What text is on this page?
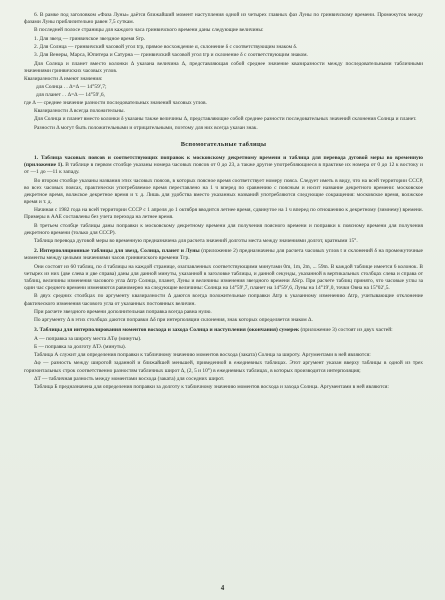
6. В рамке под заголовком «Фаза Луны» даётся ближайший момент наступления одной из четырех главных фаз Луны по гринвичскому времени. Промежуток между фазами Луны приблизительно равен 7,5 суткам.

В последней полосе страницы для каждого часа гринвичского времени даны следующие величины:

1. Для звезд — гринвичское звездное время Sгр.

2. Для Солнца — гринвичский часовой угол tгр, прямое восхождение α, склонение δ с соответствующим знаком δ.

3. Для Венеры, Марса, Юпитера и Сатурна — гринвичский часовой угол tгр и склонение δ с соответствующим знаком.

Для Солнца и планет вместо колонки Δ указана величина Δ, представляющая собой среднее значение квазиразности между последовательными табличными значениями гринвичских часовых углов.

Квазиразности Δ имеют значения:

для Солнца . . Δ=Δ — 14°59′,7;
для планет . . Δ=Δ — 14°59′,6,

где Δ — среднее значение разности последовательных значений часовых углов.

Квазиразности Δ всегда положительны.

Для Солнца и планет вместо колонки δ указаны также величины Δ, представляющие собой среднее разности последовательных значений склонения Солнца и планет.

Разности Δ могут быть положительными и отрицательными, поэтому для них всегда указан знак.

Вспомогательные таблицы

1. Таблица часовых поясов и соответствующих поправок к московскому декретному времени и таблица для перевода дуговой меры во временную (приложение 1). В таблице в первом столбце указаны номера часовых поясов от 0 до 23, а также другие употребляющиеся в практике их номера от 0 до 12 к востоку и от —1 до —11 к западу.

Во втором столбце указаны названия этих часовых поясов, в которых поясное время соответствует номеру пояса. Следует иметь в виду, что на всей территории СССР, во всех часовых поясах, практически употребляемое время переставлено на 1 ч вперед по сравнению с поясным и носит название декретного времени: московское декретное время, волжское декретное время и т. д. Лишь для удобства вместо указанных названий употребляются следующие сокращения: московское время, волжское время и т. д.

Начиная с 1982 года на всей территории СССР с 1 апреля до 1 октября вводится летнее время, сдвинутое на 1 ч вперед по отношению к декретному (зимнему) времени. Примеры в ААЕ составлены без учета перехода на летнее время.

В третьем столбце таблицы даны поправки к московскому декретному времени для получения поясного времени и поправки к поясному времени для получения декретного времени (только для СССР).

Таблица перевода дуговой меры во временную предназначена для расчета значений долготы места между значениями долгот, кратными 15°.

2. Интерполяционные таблицы для звезд, Солнца, планет и Луны (приложение 2) предназначены для расчета часовых углов t и склонений δ на промежуточные моменты между целыми значениями часов гринвичского времени Tгр.

Они состоят из 60 таблиц, по 4 таблицы на каждой странице, озаглавленных соответствующими минутами 0m, 1m, 2m, ... 59m. В каждой таблице имеется 6 колонок. В четырех из них (две слева и две справа) даны для данной минуты, указанной в заголовке таблицы, и данной секунды, указанной в вертикальных столбцах слева и справа от таблиц, величины изменения часового угла Δtгр Солнца, планет, Луны и величины изменения звездного времени ΔSгр. При расчете таблиц принято, что часовые углы за один час среднего времени изменяются равномерно на следующие величины: Солнца на 14°59′,7, планет на 14°59′,6, Луны на 14°19′,0, точки Овна на 15°02′,5.

В двух средних столбцах по аргументу квазиразности Δ даются всегда положительные поправки Δtгр к указанному изменению Δtгр, учитывающие отклонение фактического изменения часового угла от указанных постоянных величин.

При расчете звездного времени дополнительная поправка всегда равна нулю.

По аргументу Δ в этих столбцах даются поправки Δδ при интерполяции склонения, знак которых определяется знаком Δ.

3. Таблицы для интерполирования моментов восхода и захода Солнца и наступления (окончания) сумерек (приложение 3) состоят из двух частей:

А — поправка за широту места ΔTφ (минуты).

Б — поправка за долготу ΔTλ (минуты).

Таблица А служит для определения поправки к табличному значению моментов восхода (заката) Солнца за широту. Аргументами в ней являются:

Δφ — разность между широтой заданной и ближайшей меньшей, приведенной в ежедневных таблицах. Этот аргумент указан вверху таблицы в одной из трех горизонтальных строк соответственно разностям табличных широт Δ, (2, 5 и 10°) в ежедневных таблицах, в которых производится интерполяция;

ΔT — табличная разность между моментами восхода (заката) для соседних широт.

Таблица Б предназначена для определения поправки за долготу к табличному значению моментов восхода и захода Солнца. Аргументами в ней являются:

4
